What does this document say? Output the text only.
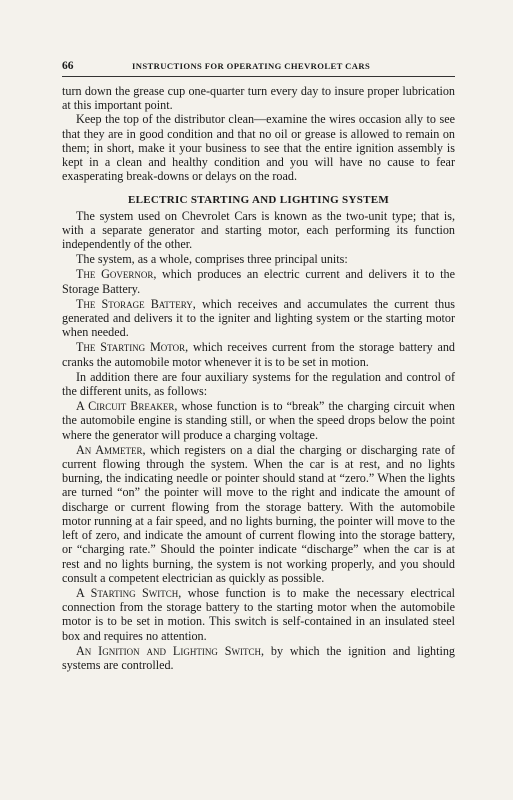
66	INSTRUCTIONS FOR OPERATING CHEVROLET CARS

turn down the grease cup one-quarter turn every day to insure proper lubrication at this important point.

Keep the top of the distributor clean—examine the wires occasion ally to see that they are in good condition and that no oil or grease is allowed to remain on them; in short, make it your business to see that the entire ignition assembly is kept in a clean and healthy condition and you will have no cause to fear exasperating break-downs or delays on the road.

ELECTRIC STARTING AND LIGHTING SYSTEM

The system used on Chevrolet Cars is known as the two-unit type; that is, with a separate generator and starting motor, each performing its function independently of the other.

The system, as a whole, comprises three principal units:

The Governor, which produces an electric current and delivers it to the Storage Battery.

The Storage Battery, which receives and accumulates the current thus generated and delivers it to the igniter and lighting system or the starting motor when needed.

The Starting Motor, which receives current from the storage battery and cranks the automobile motor whenever it is to be set in motion.

In addition there are four auxiliary systems for the regulation and control of the different units, as follows:

A Circuit Breaker, whose function is to “break” the charging circuit when the automobile engine is standing still, or when the speed drops below the point where the generator will produce a charging voltage.

An Ammeter, which registers on a dial the charging or discharging rate of current flowing through the system. When the car is at rest, and no lights burning, the indicating needle or pointer should stand at “zero.” When the lights are turned “on” the pointer will move to the right and indicate the amount of discharge or current flowing from the storage battery. With the automobile motor running at a fair speed, and no lights burning, the pointer will move to the left of zero, and indicate the amount of current flowing into the storage battery, or “charging rate.” Should the pointer indicate “discharge” when the car is at rest and no lights burning, the system is not working properly, and you should consult a competent electrician as quickly as possible.

A Starting Switch, whose function is to make the necessary electrical connection from the storage battery to the starting motor when the automobile motor is to be set in motion. This switch is self-contained in an insulated steel box and requires no attention.

An Ignition and Lighting Switch, by which the ignition and lighting systems are controlled.
